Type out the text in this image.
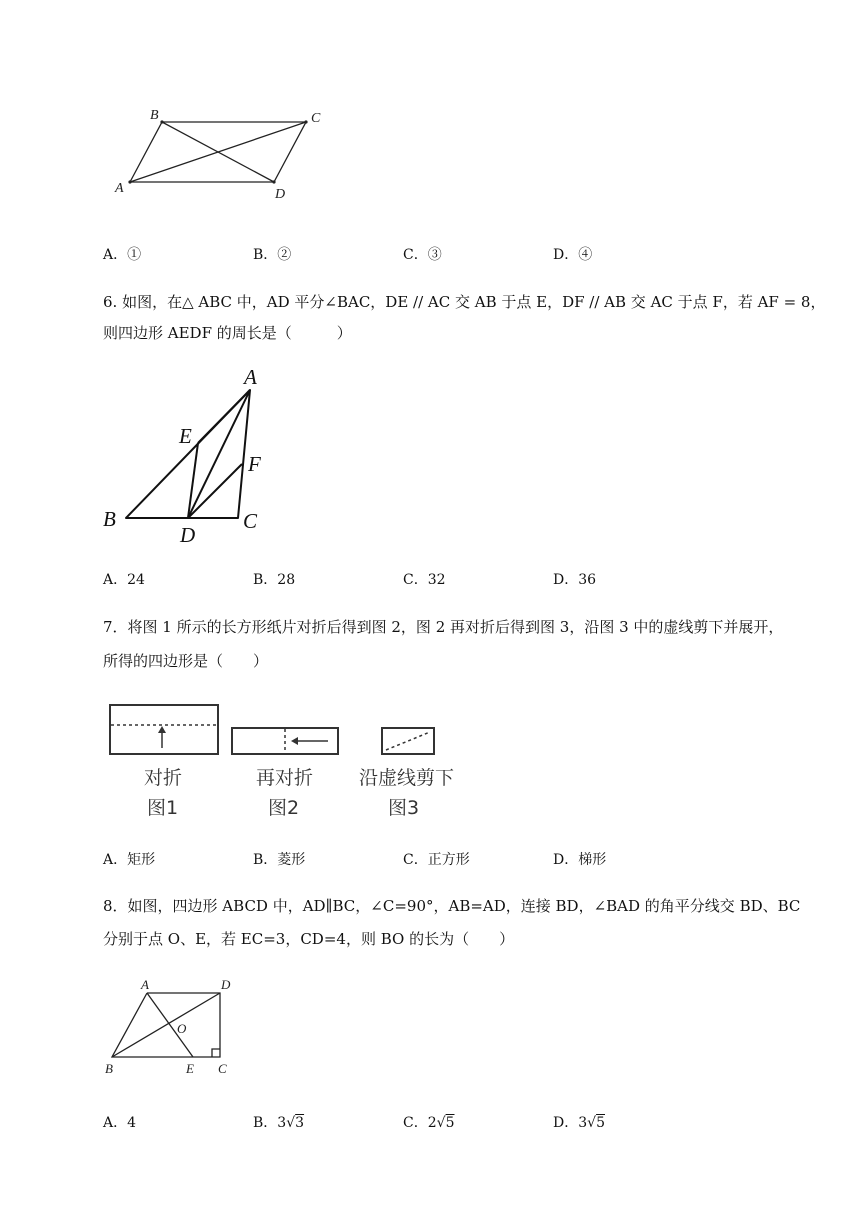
A
B	C
D
A．①	B．②	C．③	D．④
6. 如图，在△ ABC 中，AD 平分∠BAC，DE // AC 交 AB 于点 E，DF // AB 交 AC 于点 F，若 AF = 8，
则四边形 AEDF 的周长是（　　　）
A
B	C
D
E
F
A．24	B．28	C．32	D．36
7．将图 1 所示的长方形纸片对折后得到图 2，图 2 再对折后得到图 3，沿图 3 中的虚线剪下并展开，
所得的四边形是（　　）
对折
图1
再对折
图2
沿虚线剪下
图3
A．矩形	B．菱形	C．正方形	D．梯形
8．如图，四边形 ABCD 中，AD∥BC，∠C=90°，AB=AD，连接 BD，∠BAD 的角平分线交 BD、BC
分别于点 O、E，若 EC=3，CD=4，则 BO 的长为（　　）
A	D
B	E C
O
A．4	B．3√3	C．2√5	D．3√5
